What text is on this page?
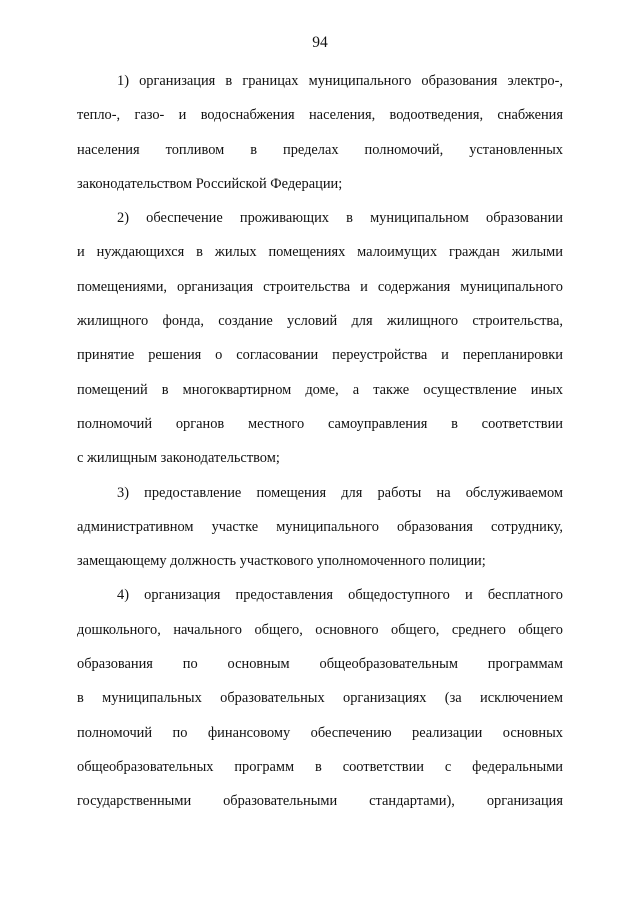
94
1) организация в границах муниципального образования электро-,
тепло-, газо- и водоснабжения населения, водоотведения, снабжения
населения топливом в пределах полномочий, установленных
законодательством Российской Федерации;
2) обеспечение проживающих в муниципальном образовании
и нуждающихся в жилых помещениях малоимущих граждан жилыми
помещениями, организация строительства и содержания муниципального
жилищного фонда, создание условий для жилищного строительства,
принятие решения о согласовании переустройства и перепланировки
помещений в многоквартирном доме, а также осуществление иных
полномочий органов местного самоуправления в соответствии
с жилищным законодательством;
3) предоставление помещения для работы на обслуживаемом
административном участке муниципального образования сотруднику,
замещающему должность участкового уполномоченного полиции;
4) организация предоставления общедоступного и бесплатного
дошкольного, начального общего, основного общего, среднего общего
образования по основным общеобразовательным программам
в муниципальных образовательных организациях (за исключением
полномочий по финансовому обеспечению реализации основных
общеобразовательных программ в соответствии с федеральными
государственными образовательными стандартами), организация
